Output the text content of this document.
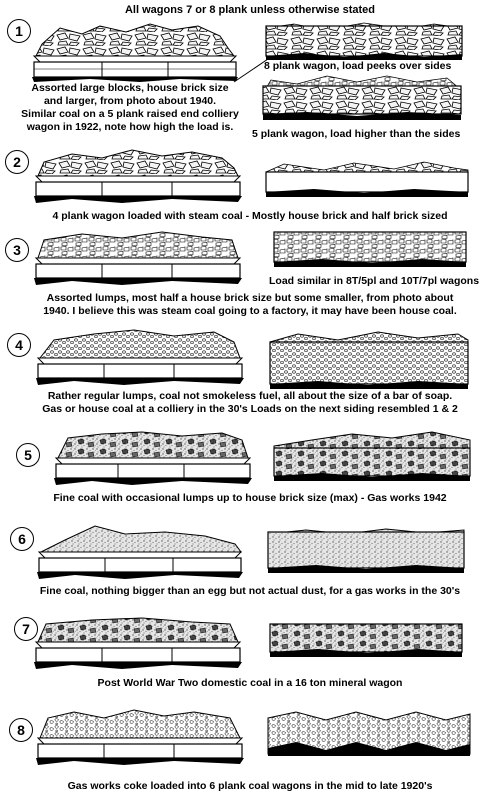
All wagons 7 or 8 plank unless otherwise stated
1
8 plank wagon, load peeks over sides
Assorted large blocks, house brick size
and larger, from photo about 1940.
Similar coal on a 5 plank raised end colliery
wagon in 1922, note how high the load is.
5 plank wagon, load higher than the sides
2
4 plank wagon loaded with steam coal - Mostly house brick and half brick sized
3
Load similar in 8T/5pl and 10T/7pl wagons
Assorted lumps, most half a house brick size but some smaller, from photo about
1940. I believe this was steam coal going to a factory, it may have been house coal.
4
Rather regular lumps, coal not smokeless fuel, all about the size of a bar of soap.
Gas or house coal at a colliery in the 30's Loads on the next siding resembled 1 & 2
5
Fine coal with occasional lumps up to house brick size (max) - Gas works 1942
6
Fine coal, nothing bigger than an egg but not actual dust, for a gas works in the 30's
7
Post World War Two domestic coal in a 16 ton mineral wagon
8
Gas works coke loaded into 6 plank coal wagons in the mid to late 1920's
